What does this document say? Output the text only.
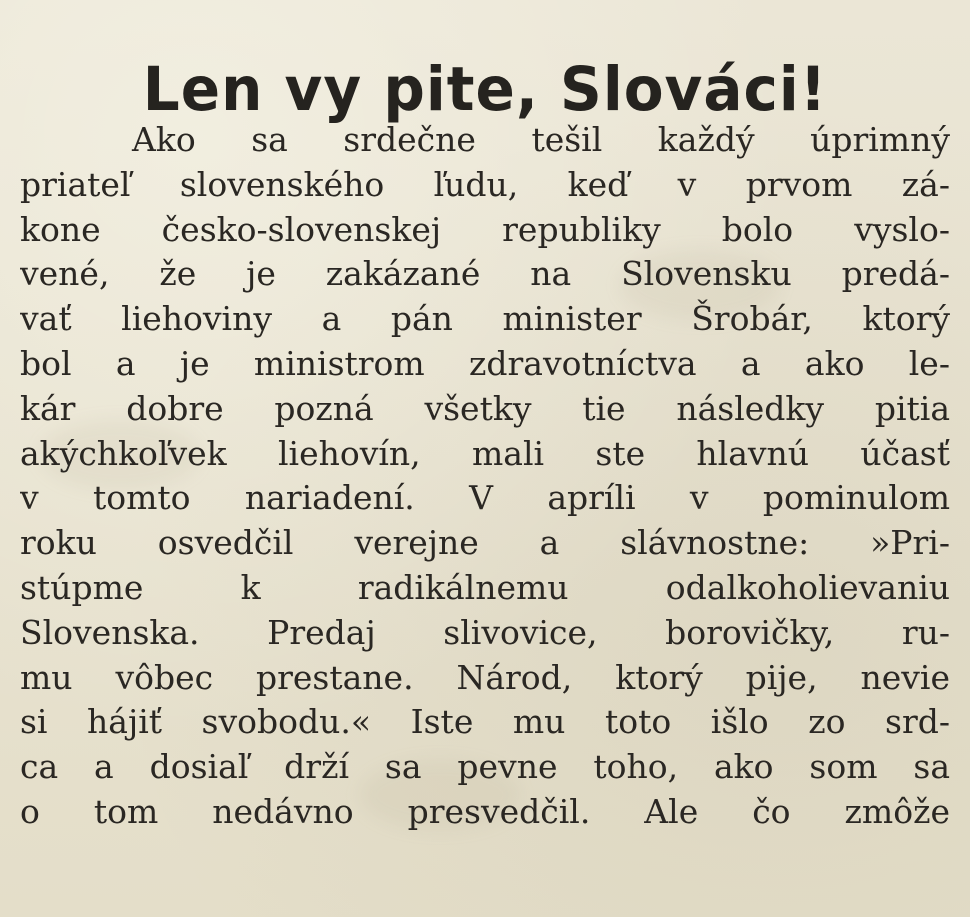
Len vy pite, Slováci!
Ako sa srdečne tešil každý úprimný
priateľ slovenského ľudu, keď v prvom zá-
kone česko-slovenskej republiky bolo vyslo-
vené, že je zakázané na Slovensku predá-
vať liehoviny a pán minister Šrobár, ktorý
bol a je ministrom zdravotníctva a ako le-
kár dobre pozná všetky tie následky pitia
akýchkoľvek liehovín, mali ste hlavnú účasť
v tomto nariadení. V apríli v pominulom
roku osvedčil verejne a slávnostne: »Pri-
stúpme k radikálnemu odalkoholievaniu
Slovenska. Predaj slivovice, borovičky, ru-
mu vôbec prestane. Národ, ktorý pije, nevie
si hájiť svobodu.« Iste mu toto išlo zo srd-
ca a dosiaľ drží sa pevne toho, ako som sa
o tom nedávno presvedčil. Ale čo zmôže
